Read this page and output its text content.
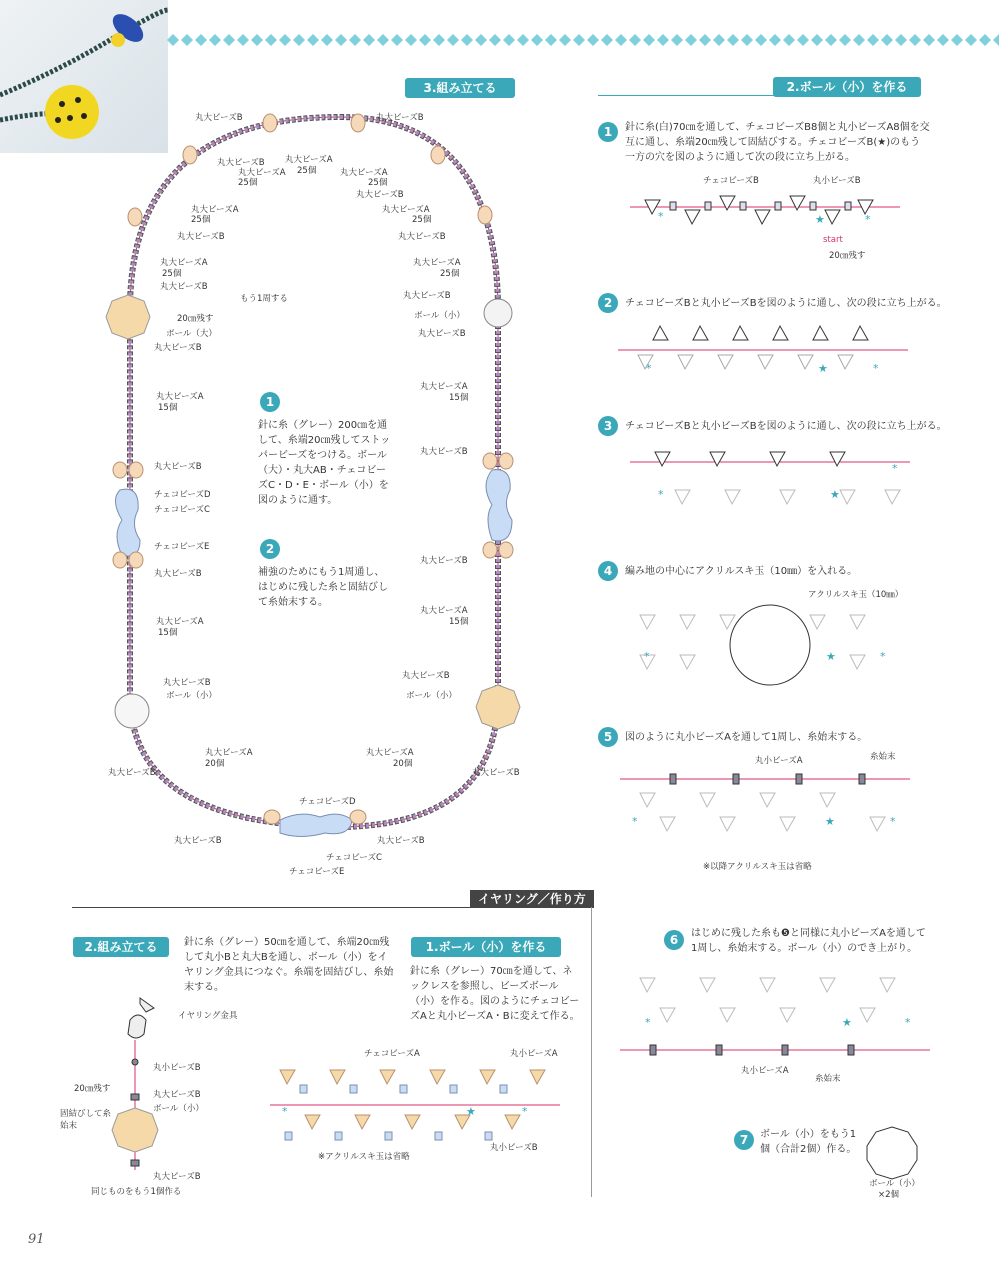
3.組み立てる
丸大ビーズB	丸大ビーズB
丸大ビーズA
25個
丸大ビーズB
丸大ビーズA
25個
丸大ビーズA
25個
丸大ビーズB
丸大ビーズA
25個
丸大ビーズA
25個
丸大ビーズB	丸大ビーズB
丸大ビーズA
25個
丸大ビーズA
25個
丸大ビーズB
もう1周する	丸大ビーズB
20㎝残す	ボール（小）
ボール（大）	丸大ビーズB
丸大ビーズB
丸大ビーズA
15個
丸大ビーズA
15個
丸大ビーズB
丸大ビーズB
チェコビーズD
チェコビーズC
チェコビーズE
丸大ビーズB
丸大ビーズB
丸大ビーズA
15個
丸大ビーズA
15個
丸大ビーズB
丸大ビーズB
ボール（小）	ボール（小）
丸大ビーズA
20個
丸大ビーズA
20個
丸大ビーズB	丸大ビーズB
チェコビーズD
丸大ビーズB	丸大ビーズB
チェコビーズC
チェコビーズE
1
針に糸（グレー）200㎝を通して、糸端20㎝残してストッパービーズをつける。ボール（大）・丸大AB・チェコビーズC・D・E・ボール（小）を図のように通す。
2
補強のためにもう1周通し、はじめに残した糸と固結びして糸始末する。
2.ボール（小）を作る
1	針に糸(白)70㎝を通して、チェコビーズB8個と丸小ビーズA8個を交互に通し、糸端20㎝残して固結びする。チェコビーズB(★)のもう一方の穴を図のように通して次の段に立ち上がる。
*	★	*
チェコビーズB	丸小ビーズB
start
20㎝残す
2	チェコビーズBと丸小ビーズBを図のように通し、次の段に立ち上がる。
*	★	*
3	チェコビーズBと丸小ビーズBを図のように通し、次の段に立ち上がる。
*	★
*
4	編み地の中心にアクリルスキ玉（10㎜）を入れる。
アクリルスキ玉（10㎜）
*	★	*
5	図のように丸小ビーズAを通して1周し、糸始末する。
丸小ビーズA	糸始末
*	★	*
※以降アクリルスキ玉は省略
6	はじめに残した糸も❺と同様に丸小ビーズAを通して1周し、糸始末する。ボール（小）のでき上がり。
*	★	*
丸小ビーズA
糸始末
7	ボール（小）をもう1個（合計2個）作る。
ボール（小）
×2個
イヤリング／作り方
2.組み立てる	針に糸（グレー）50㎝を通して、糸端20㎝残して丸小Bと丸大Bを通し、ボール（小）をイヤリング金具につなぐ。糸端を固結びし、糸始末する。
1.ボール（小）を作る
針に糸（グレー）70㎝を通して、ネックレスを参照し、ビーズボール（小）を作る。図のようにチェコビーズAと丸小ビーズA・Bに変えて作る。
イヤリング金具
丸小ビーズB
20㎝残す
丸大ビーズB
ボール（小）
固結びして糸始末
丸大ビーズB
同じものをもう1個作る
*	★	*
チェコビーズA	丸小ビーズA
丸小ビーズB
※アクリルスキ玉は省略
91
